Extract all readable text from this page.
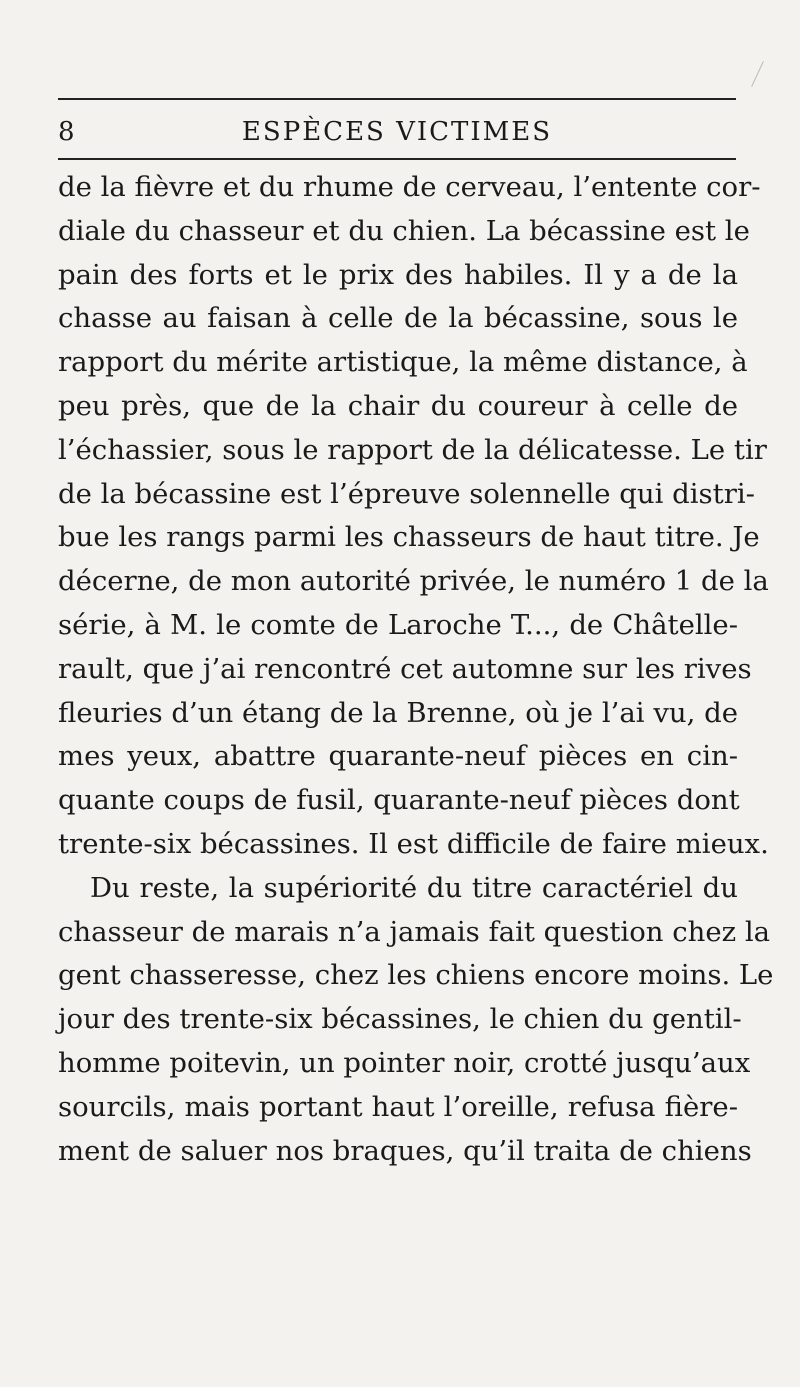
8	ESPÈCES VICTIMES
de la fièvre et du rhume de cerveau, l’entente cor-
diale du chasseur et du chien. La bécassine est le
pain des forts et le prix des habiles. Il y a de la
chasse au faisan à celle de la bécassine, sous le
rapport du mérite artistique, la même distance, à
peu près, que de la chair du coureur à celle de
l’échassier, sous le rapport de la délicatesse. Le tir
de la bécassine est l’épreuve solennelle qui distri-
bue les rangs parmi les chasseurs de haut titre. Je
décerne, de mon autorité privée, le numéro 1 de la
série, à M. le comte de Laroche T..., de Châtelle-
rault, que j’ai rencontré cet automne sur les rives
fleuries d’un étang de la Brenne, où je l’ai vu, de
mes yeux, abattre quarante-neuf pièces en cin-
quante coups de fusil, quarante-neuf pièces dont
trente-six bécassines. Il est difficile de faire mieux.
Du reste, la supériorité du titre caractériel du
chasseur de marais n’a jamais fait question chez la
gent chasseresse, chez les chiens encore moins. Le
jour des trente-six bécassines, le chien du gentil-
homme poitevin, un pointer noir, crotté jusqu’aux
sourcils, mais portant haut l’oreille, refusa fière-
ment de saluer nos braques, qu’il traita de chiens
